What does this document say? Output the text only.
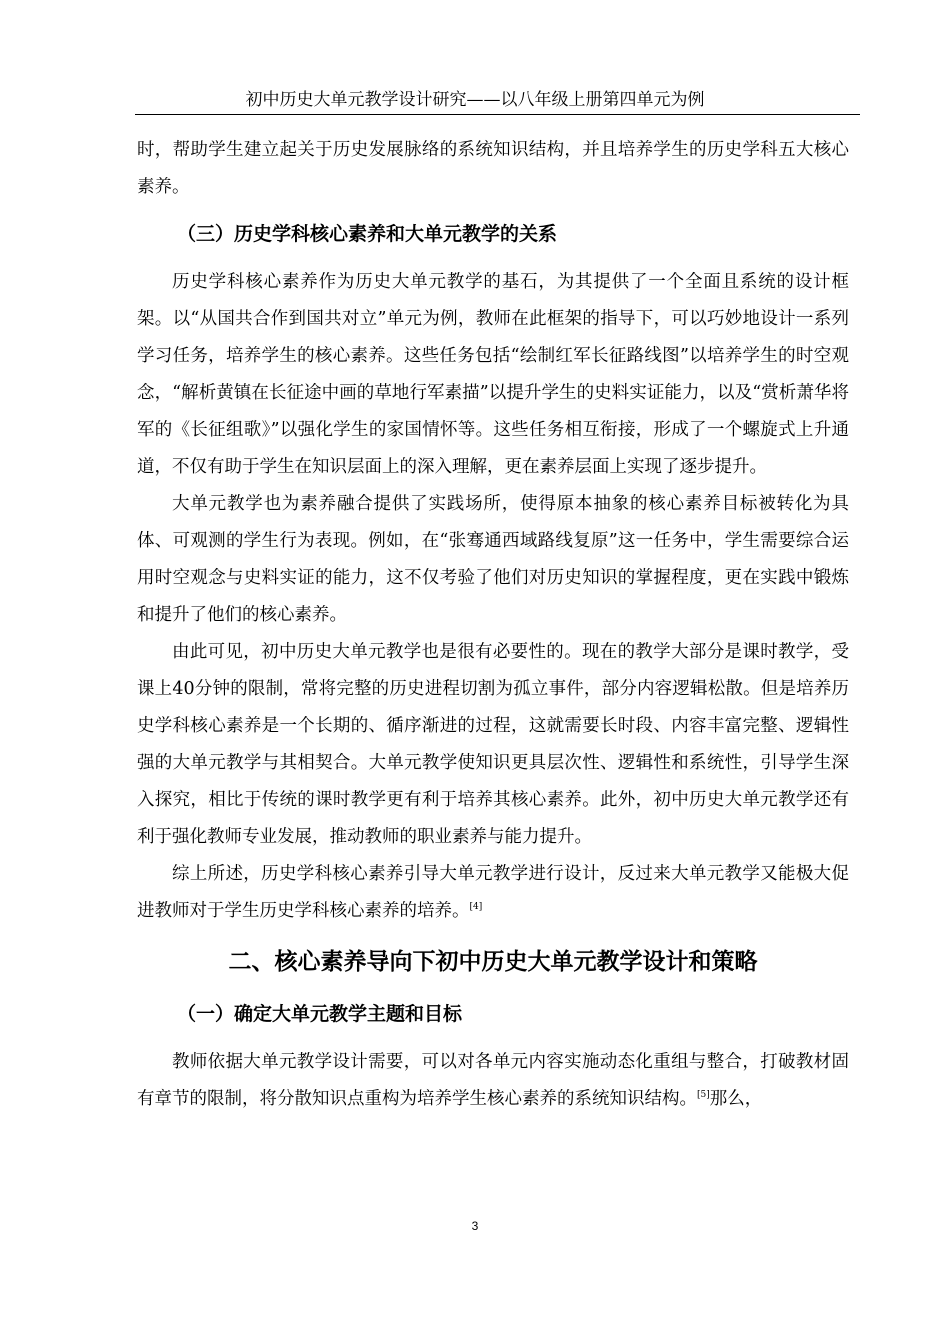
初中历史大单元教学设计研究——以八年级上册第四单元为例

时，帮助学生建立起关于历史发展脉络的系统知识结构，并且培养学生的历史学科五大核心素养。

（三）历史学科核心素养和大单元教学的关系

历史学科核心素养作为历史大单元教学的基石，为其提供了一个全面且系统的设计框架。以“从国共合作到国共对立”单元为例，教师在此框架的指导下，可以巧妙地设计一系列学习任务，培养学生的核心素养。这些任务包括“绘制红军长征路线图”以培养学生的时空观念，“解析黄镇在长征途中画的草地行军素描”以提升学生的史料实证能力，以及“赏析萧华将军的《长征组歌》”以强化学生的家国情怀等。这些任务相互衔接，形成了一个螺旋式上升通道，不仅有助于学生在知识层面上的深入理解，更在素养层面上实现了逐步提升。

大单元教学也为素养融合提供了实践场所，使得原本抽象的核心素养目标被转化为具体、可观测的学生行为表现。例如，在“张骞通西域路线复原”这一任务中，学生需要综合运用时空观念与史料实证的能力，这不仅考验了他们对历史知识的掌握程度，更在实践中锻炼和提升了他们的核心素养。

由此可见，初中历史大单元教学也是很有必要性的。现在的教学大部分是课时教学，受课上40分钟的限制，常将完整的历史进程切割为孤立事件，部分内容逻辑松散。但是培养历史学科核心素养是一个长期的、循序渐进的过程，这就需要长时段、内容丰富完整、逻辑性强的大单元教学与其相契合。大单元教学使知识更具层次性、逻辑性和系统性，引导学生深入探究，相比于传统的课时教学更有利于培养其核心素养。此外，初中历史大单元教学还有利于强化教师专业发展，推动教师的职业素养与能力提升。

综上所述，历史学科核心素养引导大单元教学进行设计，反过来大单元教学又能极大促进教师对于学生历史学科核心素养的培养。[4]

二、核心素养导向下初中历史大单元教学设计和策略
（一）确定大单元教学主题和目标

教师依据大单元教学设计需要，可以对各单元内容实施动态化重组与整合，打破教材固有章节的限制，将分散知识点重构为培养学生核心素养的系统知识结构。[5]那么，

3
